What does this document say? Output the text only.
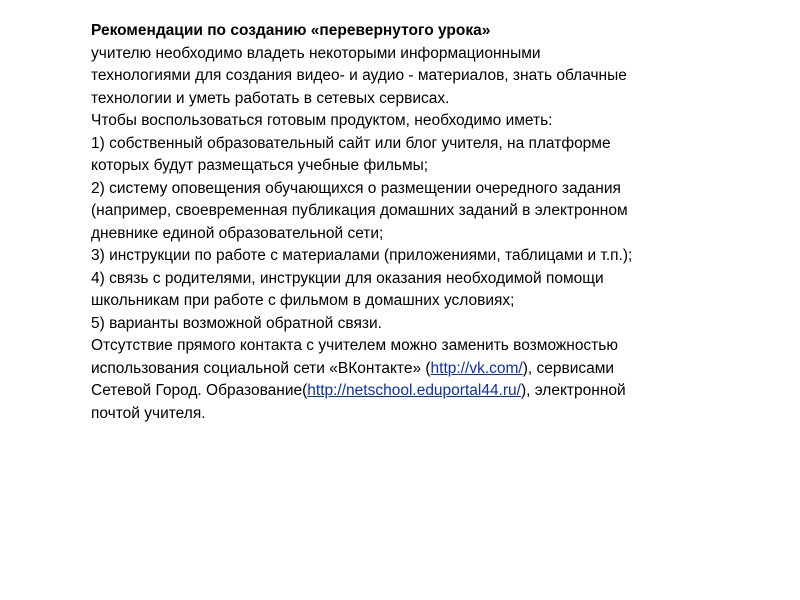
Рекомендации по созданию «перевернутого урока»
учителю необходимо владеть некоторыми информационными
технологиями для создания видео- и аудио - материалов, знать облачные
технологии и уметь работать в сетевых сервисах.
Чтобы воспользоваться готовым продуктом, необходимо иметь:
1) собственный образовательный сайт или блог учителя, на платформе
которых будут размещаться учебные фильмы;
2) систему оповещения обучающихся о размещении очередного задания
(например, своевременная публикация домашних заданий в электронном
дневнике единой образовательной сети;
3) инструкции по работе с материалами (приложениями, таблицами и т.п.);
4) связь с родителями, инструкции для оказания необходимой помощи
школьникам при работе с фильмом в домашних условиях;
5) варианты возможной обратной связи.
Отсутствие прямого контакта с учителем можно заменить возможностью
использования социальной сети «ВКонтакте» (http://vk.com/), сервисами
Сетевой Город. Образование(http://netschool.eduportal44.ru/), электронной
почтой учителя.
